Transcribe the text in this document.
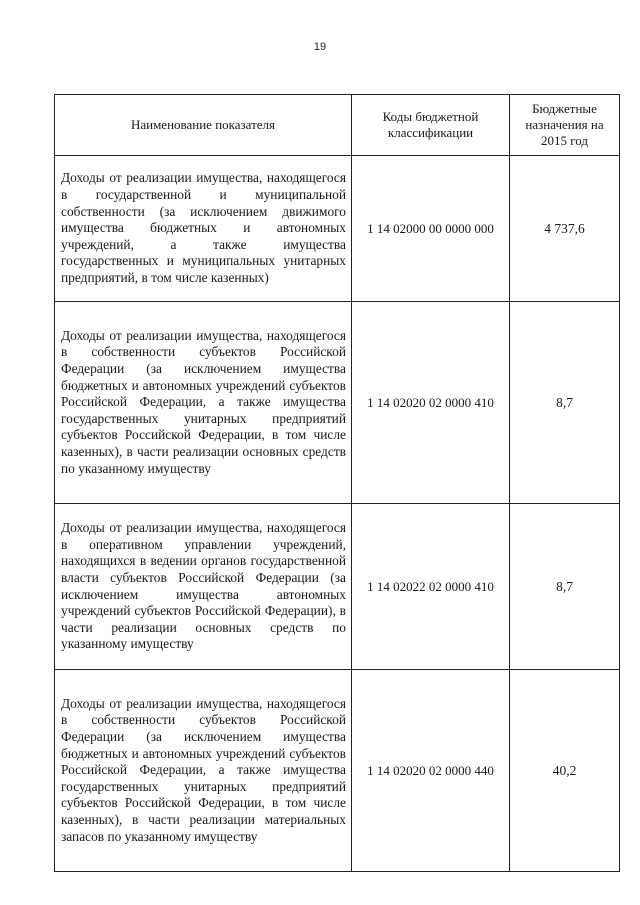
19
Наименование показателя	Коды бюджетной классификации	Бюджетные назначения на 2015 год
Доходы от реализации имущества, находящегося в государственной и муниципальной собственности (за исключением движимого имущества бюджетных и автономных учреждений, а также имущества государственных и муниципальных унитарных предприятий, в том числе казенных)	1 14 02000 00 0000 000	4 737,6
Доходы от реализации имущества, находящегося в собственности субъектов Российской Федерации (за исключением имущества бюджетных и автономных учреждений субъектов Российской Федерации, а также имущества государственных унитарных предприятий субъектов Российской Федерации, в том числе казенных), в части реализации основных средств по указанному имуществу	1 14 02020 02 0000 410	8,7
Доходы от реализации имущества, находящегося в оперативном управлении учреждений, находящихся в ведении органов государственной власти субъектов Российской Федерации (за исключением имущества автономных учреждений субъектов Российской Федерации), в части реализации основных средств по указанному имуществу	1 14 02022 02 0000 410	8,7
Доходы от реализации имущества, находящегося в собственности субъектов Российской Федерации (за исключением имущества бюджетных и автономных учреждений субъектов Российской Федерации, а также имущества государственных унитарных предприятий субъектов Российской Федерации, в том числе казенных), в части реализации материальных запасов по указанному имуществу	1 14 02020 02 0000 440	40,2
